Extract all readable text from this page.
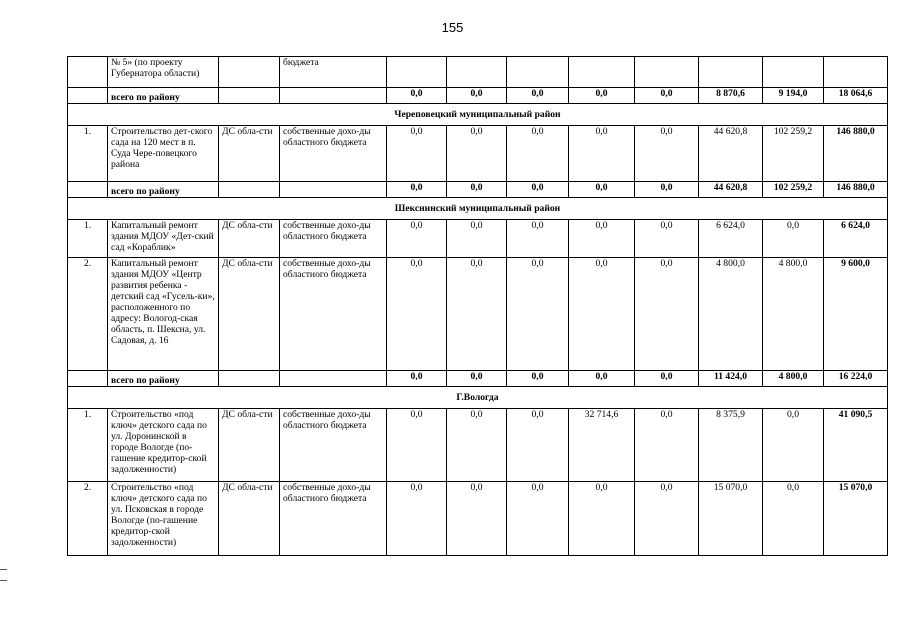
155
	№ 5» (по проекту Губернатора области)		бюджета								
	всего по району			0,0	0,0	0,0	0,0	0,0	8 870,6	9 194,0	18 064,6
Череповецкий муниципальный район											
1.	Строительство дет-ского сада на 120 мест в п. Суда Чере-повецкого района	ДС обла-сти	собственные дохо-ды областного бюджета	0,0	0,0	0,0	0,0	0,0	44 620,8	102 259,2	146 880,0
	всего по району			0,0	0,0	0,0	0,0	0,0	44 620,8	102 259,2	146 880,0
Шекснинский муниципальный район											
1.	Капитальный ремонт здания МДОУ «Дет-ский сад «Кораблик»	ДС обла-сти	собственные дохо-ды областного бюджета	0,0	0,0	0,0	0,0	0,0	6 624,0	0,0	6 624,0
2.	Капитальный ремонт здания МДОУ «Центр развития ребенка - детский сад «Гусель-ки», расположенного по адресу: Вологод-ская область, п. Шексна, ул. Садовая, д. 16	ДС обла-сти	собственные дохо-ды областного бюджета	0,0	0,0	0,0	0,0	0,0	4 800,0	4 800,0	9 600,0
	всего по району			0,0	0,0	0,0	0,0	0,0	11 424,0	4 800,0	16 224,0
Г.Вологда											
1.	Строительство «под ключ» детского сада по ул. Доронинской в городе Вологде (по-гашение кредитор-ской задолженности)	ДС обла-сти	собственные дохо-ды областного бюджета	0,0	0,0	0,0	32 714,6	0,0	8 375,9	0,0	41 090,5
2.	Строительство «под ключ» детского сада по ул. Псковская в городе Вологде (по-гашение кредитор-ской задолженности)	ДС обла-сти	собственные дохо-ды областного бюджета	0,0	0,0	0,0	0,0	0,0	15 070,0	0,0	15 070,0
